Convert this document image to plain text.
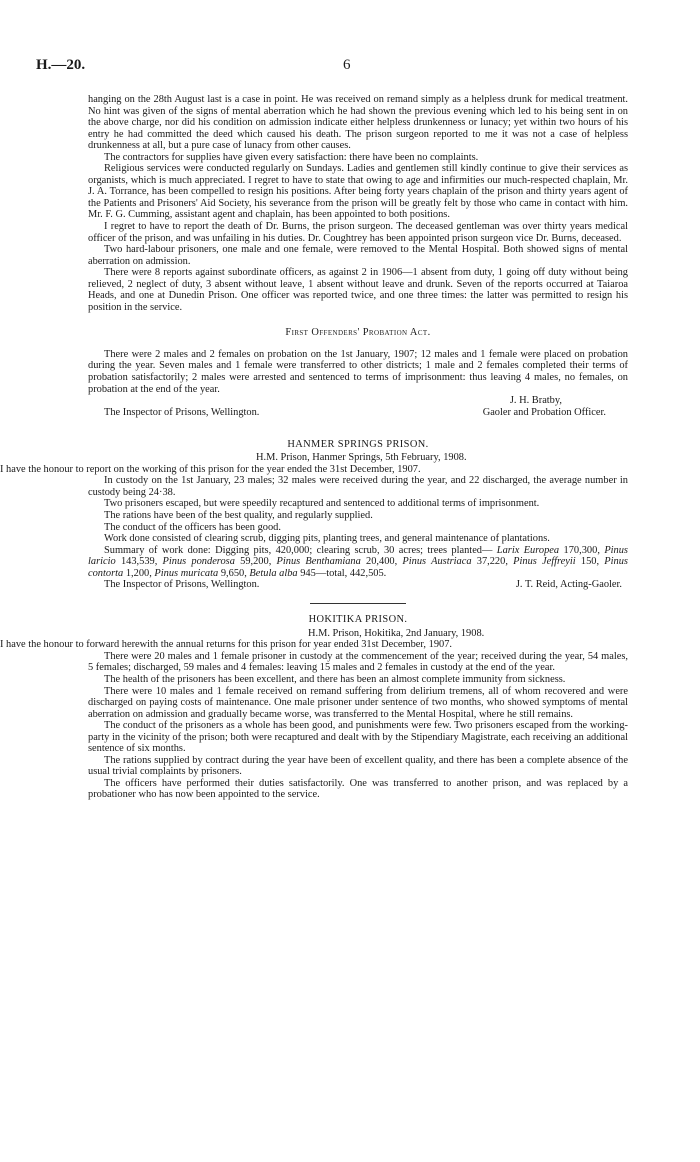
H.—20.	6

hanging on the 28th August last is a case in point. He was received on remand simply as a helpless drunk for medical treatment. No hint was given of the signs of mental aberration which he had shown the previous evening which led to his being sent in on the above charge, nor did his condition on admission indicate either helpless drunkenness or lunacy; yet within two hours of his entry he had committed the deed which caused his death. The prison surgeon reported to me it was not a case of helpless drunkenness at all, but a pure case of lunacy from other causes.

The contractors for supplies have given every satisfaction: there have been no complaints.

Religious services were conducted regularly on Sundays. Ladies and gentlemen still kindly continue to give their services as organists, which is much appreciated. I regret to have to state that owing to age and infirmities our much-respected chaplain, Mr. J. A. Torrance, has been compelled to resign his positions. After being forty years chaplain of the prison and thirty years agent of the Patients and Prisoners' Aid Society, his severance from the prison will be greatly felt by those who came in contact with him. Mr. F. G. Cumming, assistant agent and chaplain, has been appointed to both positions.

I regret to have to report the death of Dr. Burns, the prison surgeon. The deceased gentleman was over thirty years medical officer of the prison, and was unfailing in his duties. Dr. Coughtrey has been appointed prison surgeon vice Dr. Burns, deceased.

Two hard-labour prisoners, one male and one female, were removed to the Mental Hospital. Both showed signs of mental aberration on admission.

There were 8 reports against subordinate officers, as against 2 in 1906—1 absent from duty, 1 going off duty without being relieved, 2 neglect of duty, 3 absent without leave, 1 absent without leave and drunk. Seven of the reports occurred at Taiaroa Heads, and one at Dunedin Prison. One officer was reported twice, and one three times: the latter was permitted to resign his position in the service.

First Offenders' Probation Act.

There were 2 males and 2 females on probation on the 1st January, 1907; 12 males and 1 female were placed on probation during the year. Seven males and 1 female were transferred to other districts; 1 male and 2 females completed their terms of probation satisfactorily; 2 males were arrested and sentenced to terms of imprisonment: thus leaving 4 males, no females, on probation at the end of the year.

J. H. Bratby,

The Inspector of Prisons, Wellington.	Gaoler and Probation Officer.
HANMER SPRINGS PRISON.

H.M. Prison, Hanmer Springs, 5th February, 1908.

I have the honour to report on the working of this prison for the year ended the 31st December, 1907.

In custody on the 1st January, 23 males; 32 males were received during the year, and 22 discharged, the average number in custody being 24·38.

Two prisoners escaped, but were speedily recaptured and sentenced to additional terms of imprisonment.

The rations have been of the best quality, and regularly supplied.

The conduct of the officers has been good.

Work done consisted of clearing scrub, digging pits, planting trees, and general maintenance of plantations.

Summary of work done: Digging pits, 420,000; clearing scrub, 30 acres; trees planted— Larix Europea 170,300, Pinus laricio 143,539, Pinus ponderosa 59,200, Pinus Benthamiana 20,400, Pinus Austriaca 37,220, Pinus Jeffreyii 150, Pinus contorta 1,200, Pinus muricata 9,650, Betula alba 945—total, 442,505.

The Inspector of Prisons, Wellington.	J. T. Reid, Acting-Gaoler.
HOKITIKA PRISON.

H.M. Prison, Hokitika, 2nd January, 1908.

I have the honour to forward herewith the annual returns for this prison for year ended 31st December, 1907.

There were 20 males and 1 female prisoner in custody at the commencement of the year; received during the year, 54 males, 5 females; discharged, 59 males and 4 females: leaving 15 males and 2 females in custody at the end of the year.

The health of the prisoners has been excellent, and there has been an almost complete immunity from sickness.

There were 10 males and 1 female received on remand suffering from delirium tremens, all of whom recovered and were discharged on paying costs of maintenance. One male prisoner under sentence of two months, who showed symptoms of mental aberration on admission and gradually became worse, was transferred to the Mental Hospital, where he still remains.

The conduct of the prisoners as a whole has been good, and punishments were few. Two prisoners escaped from the working-party in the vicinity of the prison; both were recaptured and dealt with by the Stipendiary Magistrate, each receiving an additional sentence of six months.

The rations supplied by contract during the year have been of excellent quality, and there has been a complete absence of the usual trivial complaints by prisoners.

The officers have performed their duties satisfactorily. One was transferred to another prison, and was replaced by a probationer who has now been appointed to the service.
